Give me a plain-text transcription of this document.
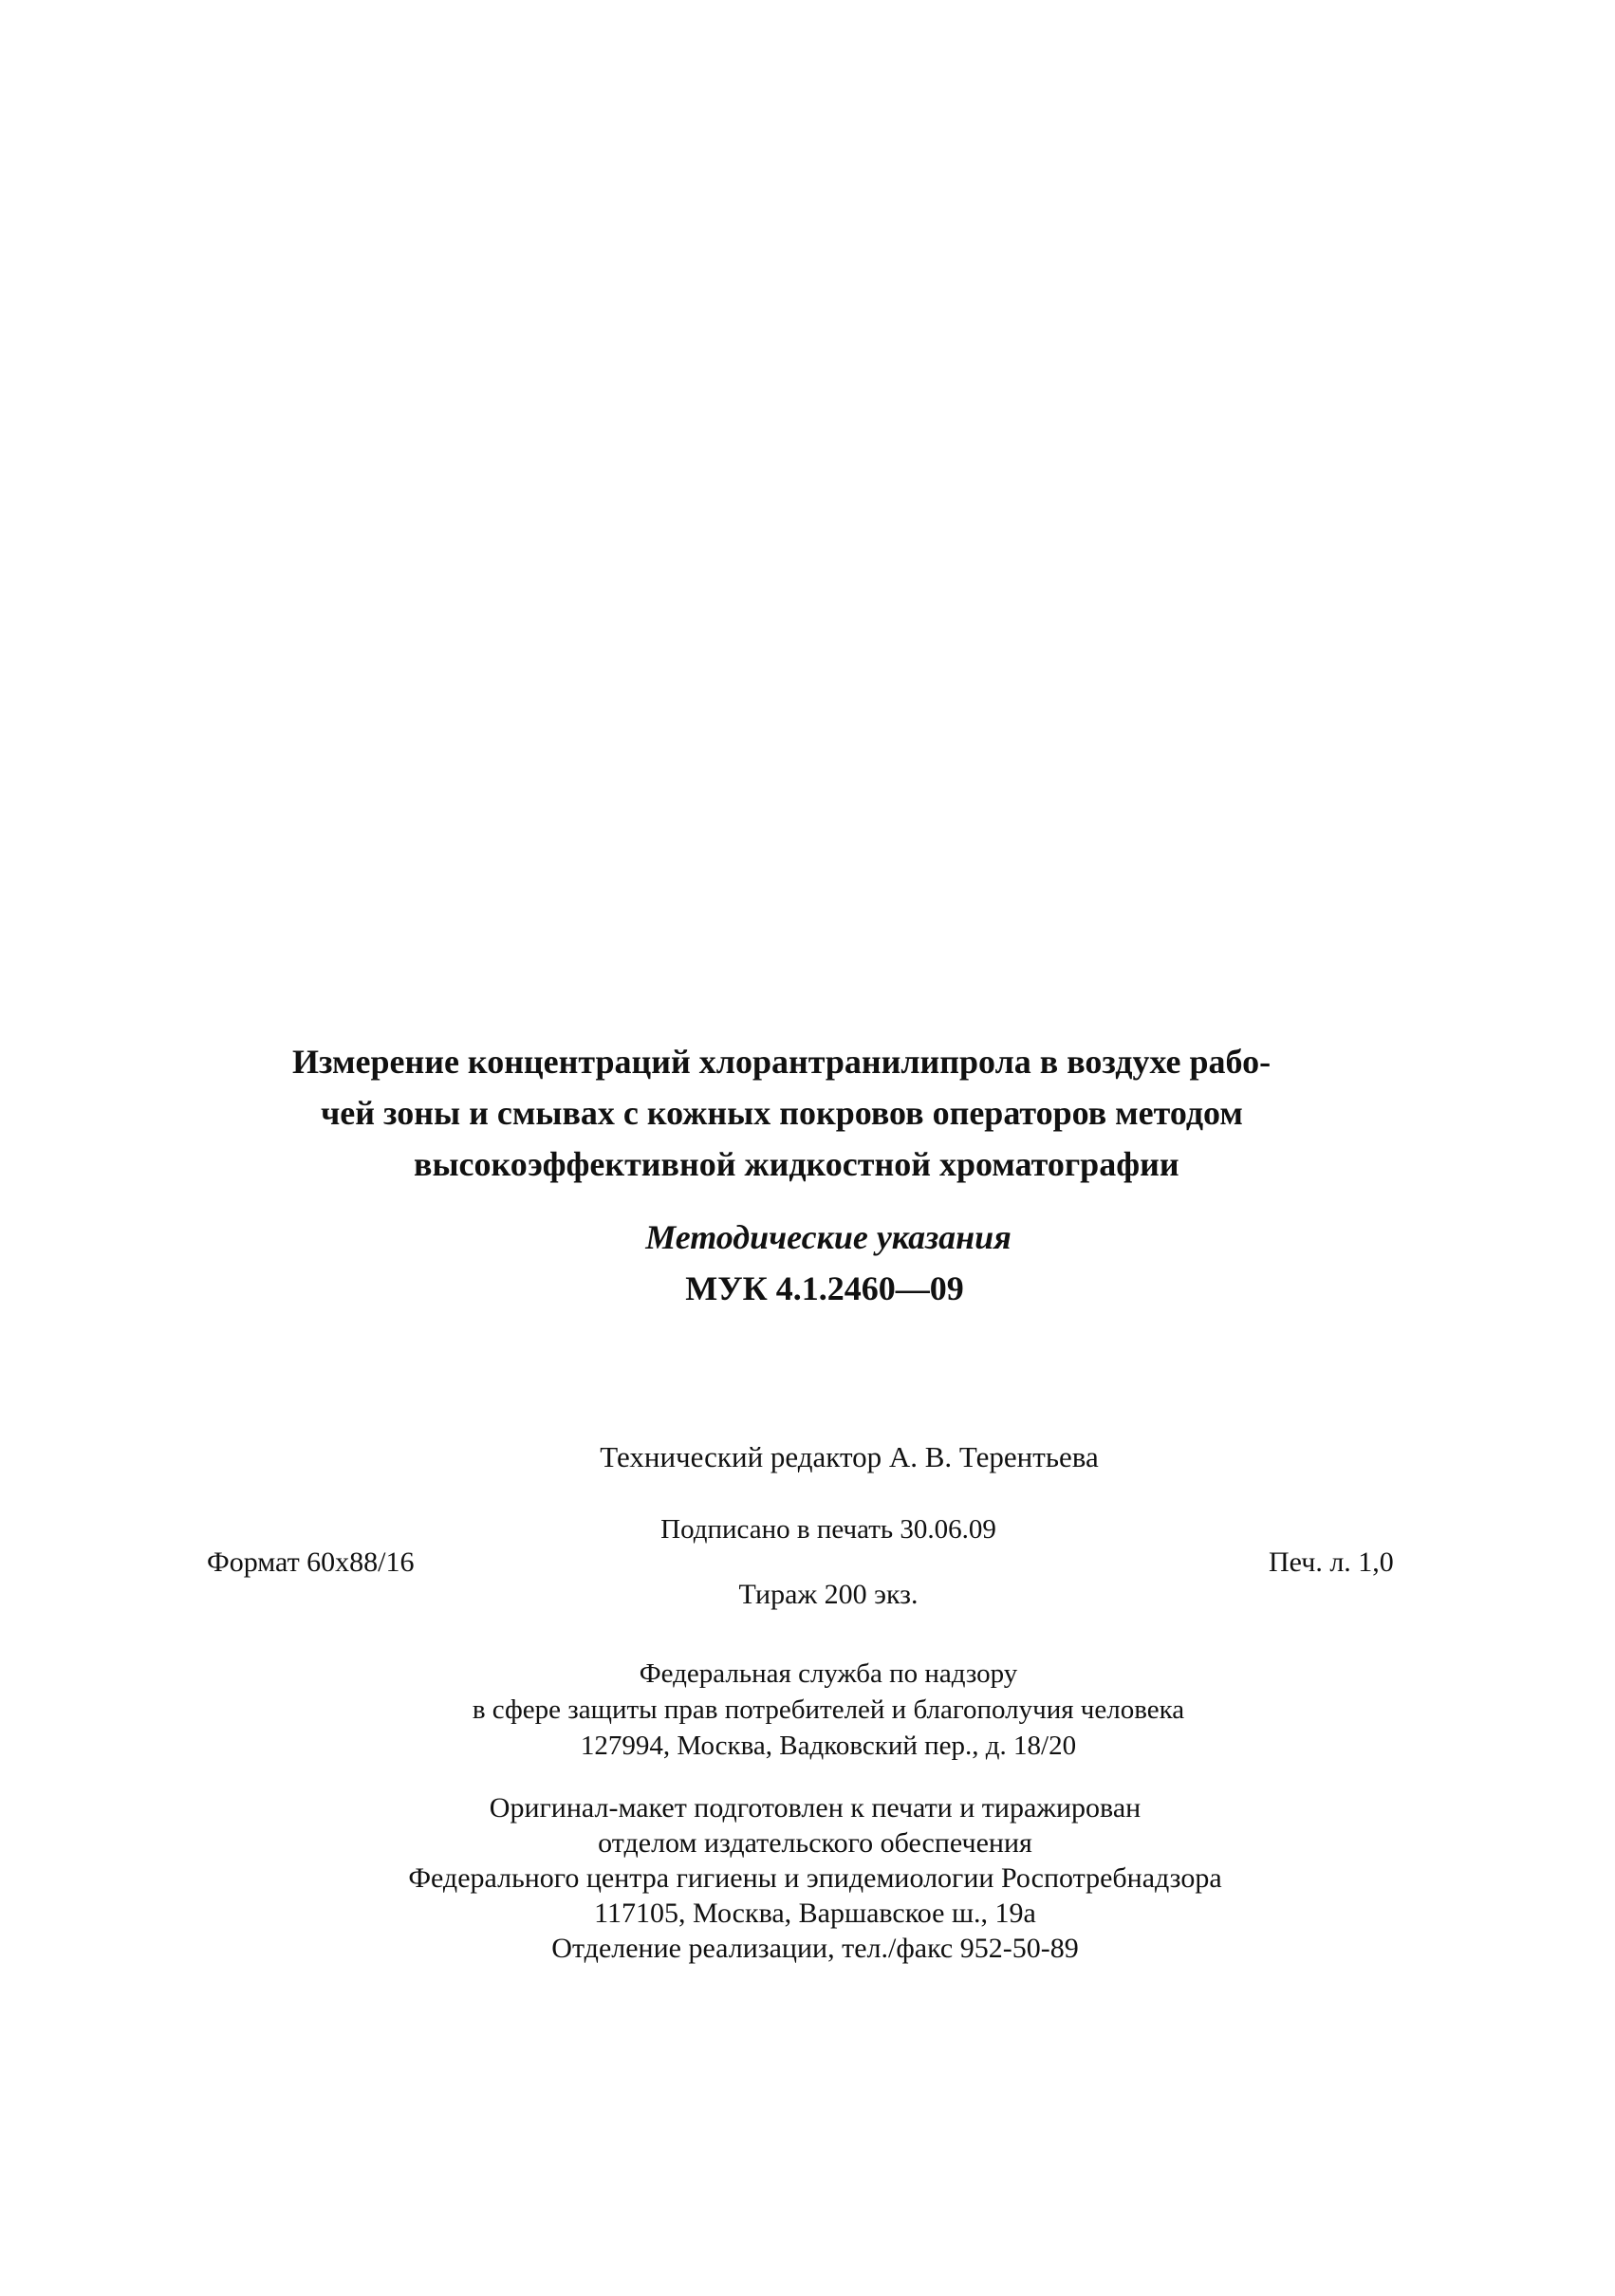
Измерение концентраций хлорантранилипрола в воздухе рабо-
чей зоны и смывах с кожных покровов операторов методом
высокоэффективной жидкостной хроматографии
Методические указания
МУК 4.1.2460—09
Технический редактор А. В. Терентьева
Подписано в печать 30.06.09
Формат 60х88/16	Печ. л. 1,0
Тираж 200 экз.
Федеральная служба по надзору
в сфере защиты прав потребителей и благополучия человека
127994, Москва, Вадковский пер., д. 18/20
Оригинал-макет подготовлен к печати и тиражирован
отделом издательского обеспечения
Федерального центра гигиены и эпидемиологии Роспотребнадзора
117105, Москва, Варшавское ш., 19а
Отделение реализации, тел./факс 952-50-89
